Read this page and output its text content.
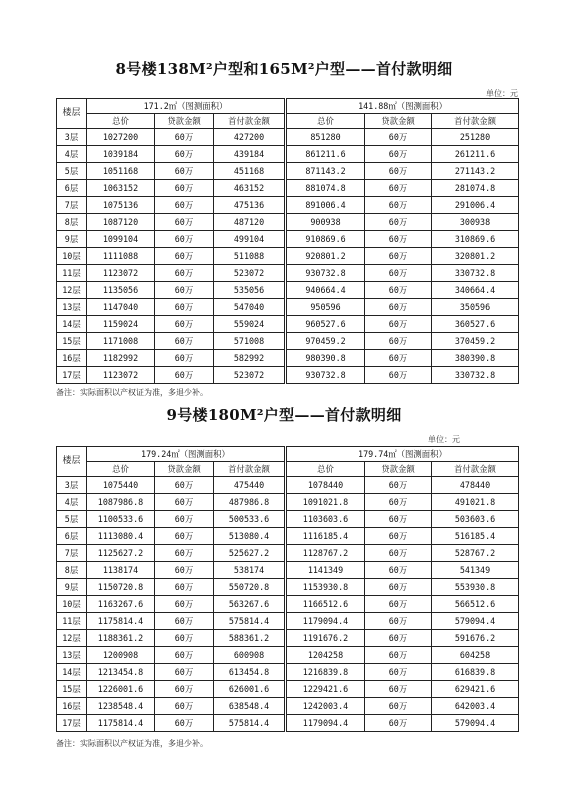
8号楼138M²户型和165M²户型——首付款明细
单位：元
楼层	171.2㎡（图测面积）			141.88㎡（图测面积）		
	总价	贷款金额	首付款金额	总价	贷款金额	首付款金额
3层	1027200	60万	427200	851280	60万	251280
4层	1039184	60万	439184	861211.6	60万	261211.6
5层	1051168	60万	451168	871143.2	60万	271143.2
6层	1063152	60万	463152	881074.8	60万	281074.8
7层	1075136	60万	475136	891006.4	60万	291006.4
8层	1087120	60万	487120	900938	60万	300938
9层	1099104	60万	499104	910869.6	60万	310869.6
10层	1111088	60万	511088	920801.2	60万	320801.2
11层	1123072	60万	523072	930732.8	60万	330732.8
12层	1135056	60万	535056	940664.4	60万	340664.4
13层	1147040	60万	547040	950596	60万	350596
14层	1159024	60万	559024	960527.6	60万	360527.6
15层	1171008	60万	571008	970459.2	60万	370459.2
16层	1182992	60万	582992	980390.8	60万	380390.8
17层	1123072	60万	523072	930732.8	60万	330732.8
备注：实际面积以产权证为准，多退少补。
9号楼180M²户型——首付款明细
单位：元
楼层	179.24㎡（图测面积）			179.74㎡（图测面积）		
	总价	贷款金额	首付款金额	总价	贷款金额	首付款金额
3层	1075440	60万	475440	1078440	60万	478440
4层	1087986.8	60万	487986.8	1091021.8	60万	491021.8
5层	1100533.6	60万	500533.6	1103603.6	60万	503603.6
6层	1113080.4	60万	513080.4	1116185.4	60万	516185.4
7层	1125627.2	60万	525627.2	1128767.2	60万	528767.2
8层	1138174	60万	538174	1141349	60万	541349
9层	1150720.8	60万	550720.8	1153930.8	60万	553930.8
10层	1163267.6	60万	563267.6	1166512.6	60万	566512.6
11层	1175814.4	60万	575814.4	1179094.4	60万	579094.4
12层	1188361.2	60万	588361.2	1191676.2	60万	591676.2
13层	1200908	60万	600908	1204258	60万	604258
14层	1213454.8	60万	613454.8	1216839.8	60万	616839.8
15层	1226001.6	60万	626001.6	1229421.6	60万	629421.6
16层	1238548.4	60万	638548.4	1242003.4	60万	642003.4
17层	1175814.4	60万	575814.4	1179094.4	60万	579094.4
备注：实际面积以产权证为准，多退少补。
